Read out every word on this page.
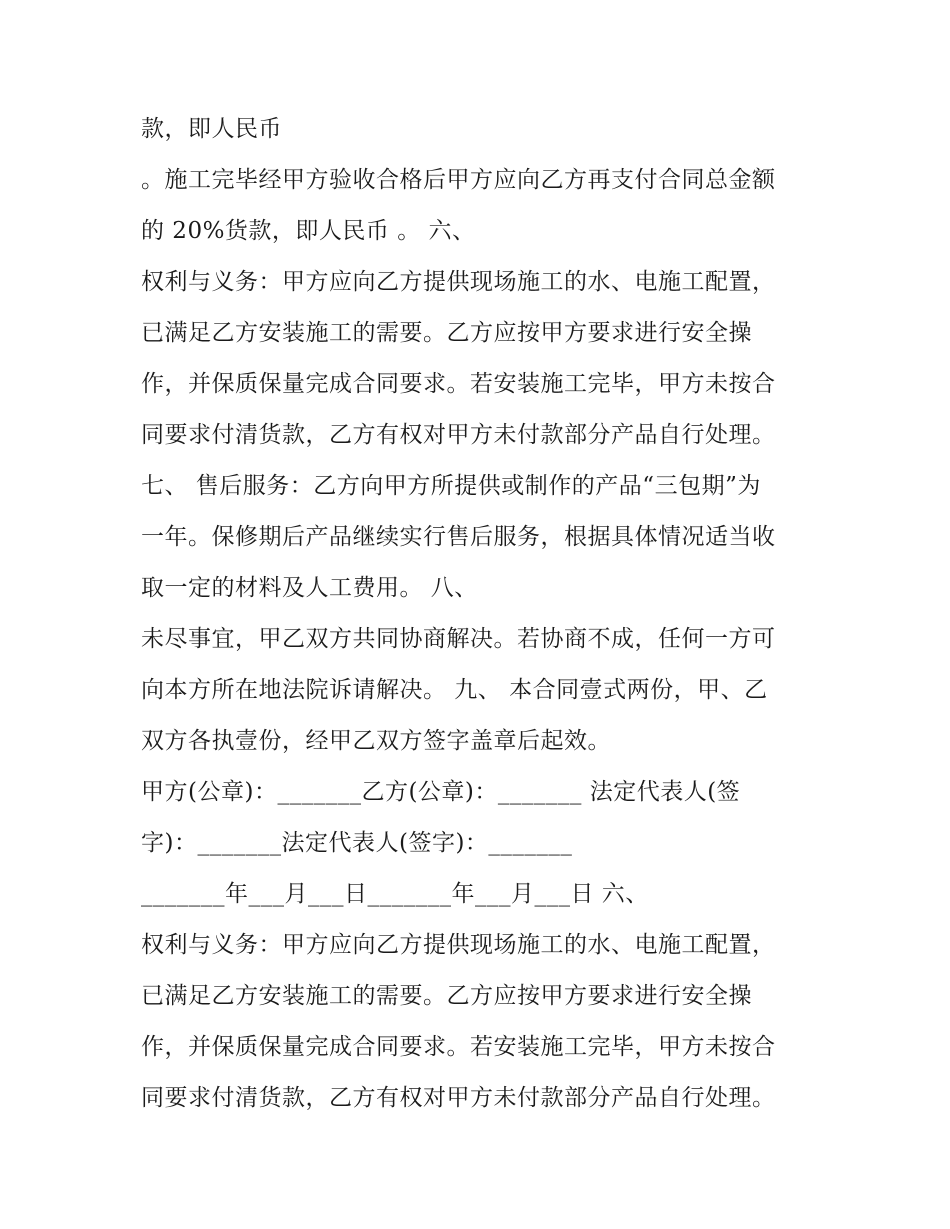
款，即人民币
。施工完毕经甲方验收合格后甲方应向乙方再支付合同总金额
的 20%货款，即人民币 。 六、
权利与义务：甲方应向乙方提供现场施工的水、电施工配置，
已满足乙方安装施工的需要。乙方应按甲方要求进行安全操
作，并保质保量完成合同要求。若安装施工完毕，甲方未按合
同要求付清货款，乙方有权对甲方未付款部分产品自行处理。
七、 售后服务：乙方向甲方所提供或制作的产品“三包期”为
一年。保修期后产品继续实行售后服务，根据具体情况适当收
取一定的材料及人工费用。 八、
未尽事宜，甲乙双方共同协商解决。若协商不成，任何一方可
向本方所在地法院诉请解决。 九、 本合同壹式两份，甲、乙
双方各执壹份，经甲乙双方签字盖章后起效。
甲方(公章)：_______乙方(公章)：_______ 法定代表人(签
字)：_______法定代表人(签字)：_______
_______年___月___日_______年___月___日 六、
权利与义务：甲方应向乙方提供现场施工的水、电施工配置，
已满足乙方安装施工的需要。乙方应按甲方要求进行安全操
作，并保质保量完成合同要求。若安装施工完毕，甲方未按合
同要求付清货款，乙方有权对甲方未付款部分产品自行处理。
